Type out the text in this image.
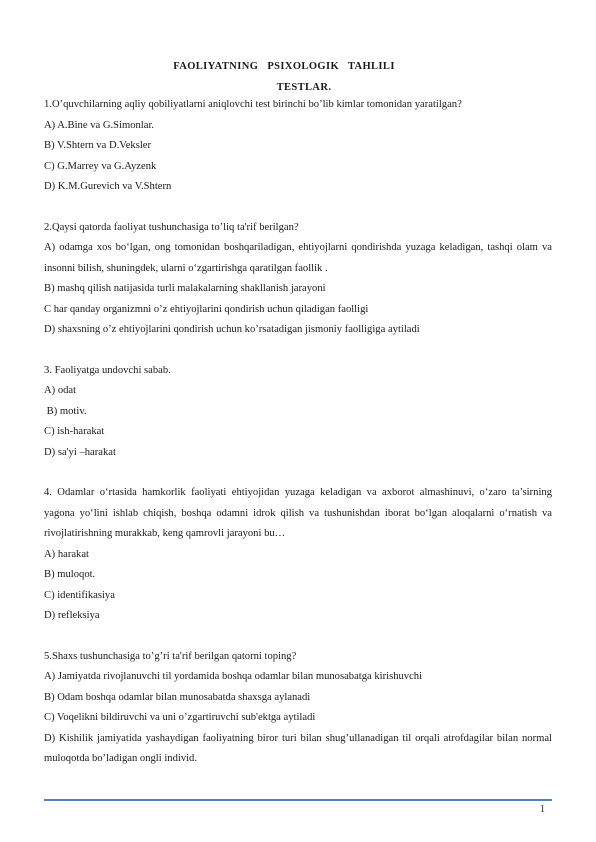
FAOLIYATNING PSIXOLOGIK TAHLILI
TESTLAR.
1.O’quvchilarning aqliy qobiliyatlarni aniqlovchi test birinchi bo’lib kimlar tomonidan yaratilgan?
A) A.Bine va G.Simonlar.
B) V.Shtern va D.Veksler
C) G.Marrey va G.Ayzenk
D) K.M.Gurevich va V.Shtern
2.Qaysi qatorda faoliyat tushunchasiga to’liq ta'rif berilgan?
A) odamga xos bo‘lgan, ong tomonidan boshqariladigan, ehtiyojlarni qondirishda yuzaga keladigan, tashqi olam va insonni bilish, shuningdek, ularni o‘zgartirishga qaratilgan faollik .
B) mashq qilish natijasida turli malakalarning shakllanish jarayoni
C har qanday organizmni o’z ehtiyojlarini qondirish uchun qiladigan faolligi
D) shaxsning o’z ehtiyojlarini qondirish uchun ko’rsatadigan jismoniy faolligiga aytiladi
3. Faoliyatga undovchi sabab.
A) odat
B) motiv.
C) ish-harakat
D) sa'yi –harakat
4. Odamlar o‘rtasida hamkorlik faoliyati ehtiyojidan yuzaga keladigan va axborot almashinuvi, o‘zaro ta’sirning yagona yo‘lini ishlab chiqish, boshqa odamni idrok qilish va tushunishdan iborat bo‘lgan aloqalarni o‘rnatish va rivojlatirishning murakkab, keng qamrovli jarayoni bu…
A) harakat
B) muloqot.
C) identifikasiya
D) refleksiya
5.Shaxs tushunchasiga to’g’ri ta'rif berilgan qatorni toping?
A) Jamiyatda rivojlanuvchi til yordamida boshqa odamlar bilan munosabatga kirishuvchi
B) Odam boshqa odamlar bilan munosabatda shaxsga aylanadi
C) Voqelikni bildiruvchi va uni o’zgartiruvchi sub'ektga aytiladi
D) Kishilik jamiyatida yashaydigan faoliyatning biror turi bilan shug’ullanadigan til orqali atrofdagilar bilan normal muloqotda bo’ladigan ongli individ.
1
